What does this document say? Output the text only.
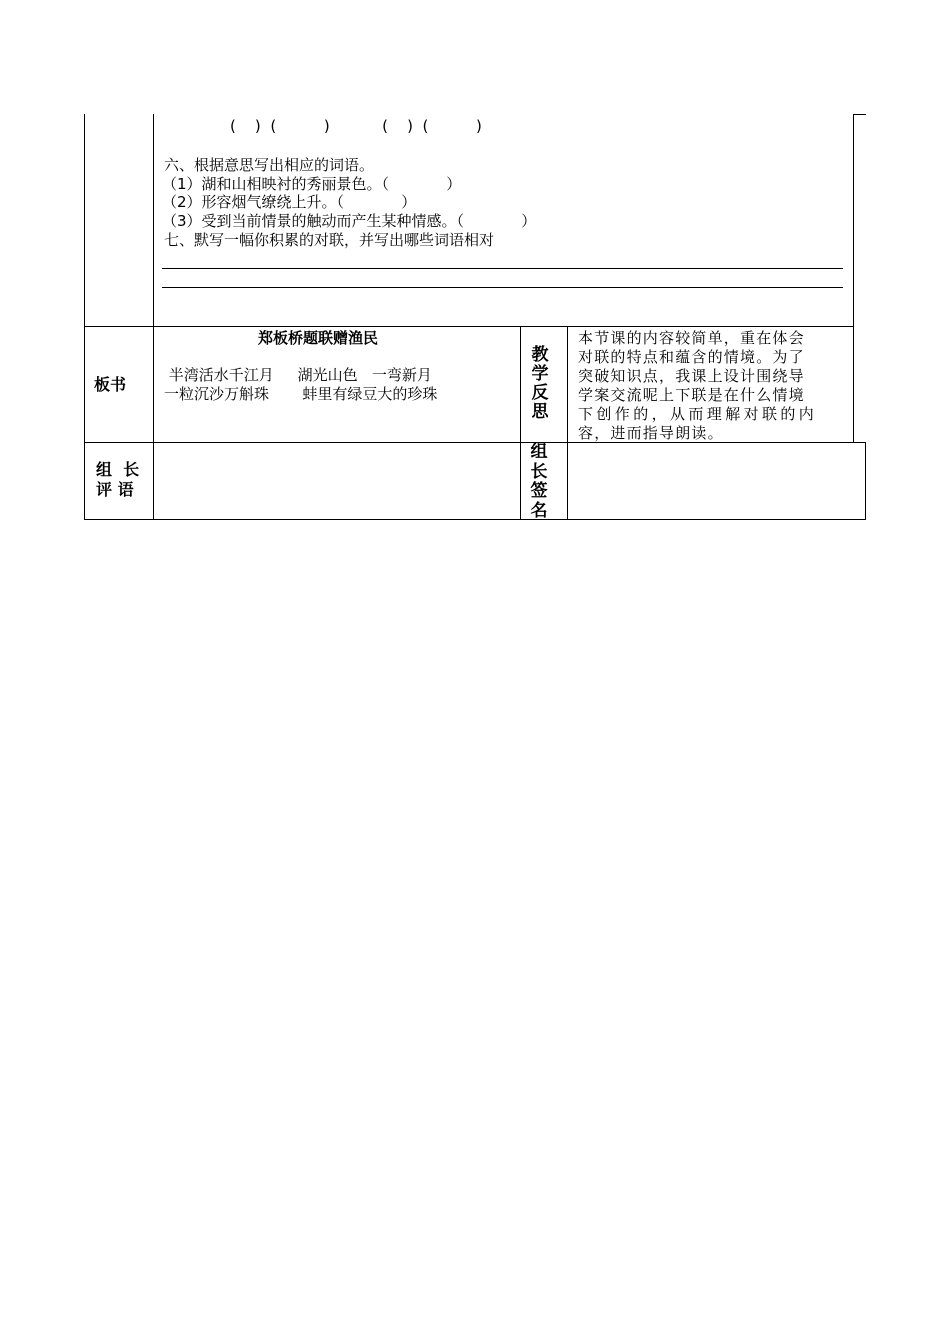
(    )  (          )           (    )  (          )
六、根据意思写出相应的词语。
（1）湖和山相映衬的秀丽景色。（            ）
（2）形容烟气缭绕上升。（            ）
（3）受到当前情景的触动而产生某种情感。（            ）
七、默写一幅你积累的对联，并写出哪些词语相对
板书
郑板桥题联赠渔民
半湾活水千江月     湖光山色   一弯新月
一粒沉沙万斛珠       蚌里有绿豆大的珍珠
教
学
反
思
本节课的内容较简单，重在体会
对联的特点和蕴含的情境。为了
突破知识点，我课上设计围绕导
学案交流呢上下联是在什么情境
下创作的，从而理解对联的内
容，进而指导朗读。
组  长
评 语
组
长
签
名
